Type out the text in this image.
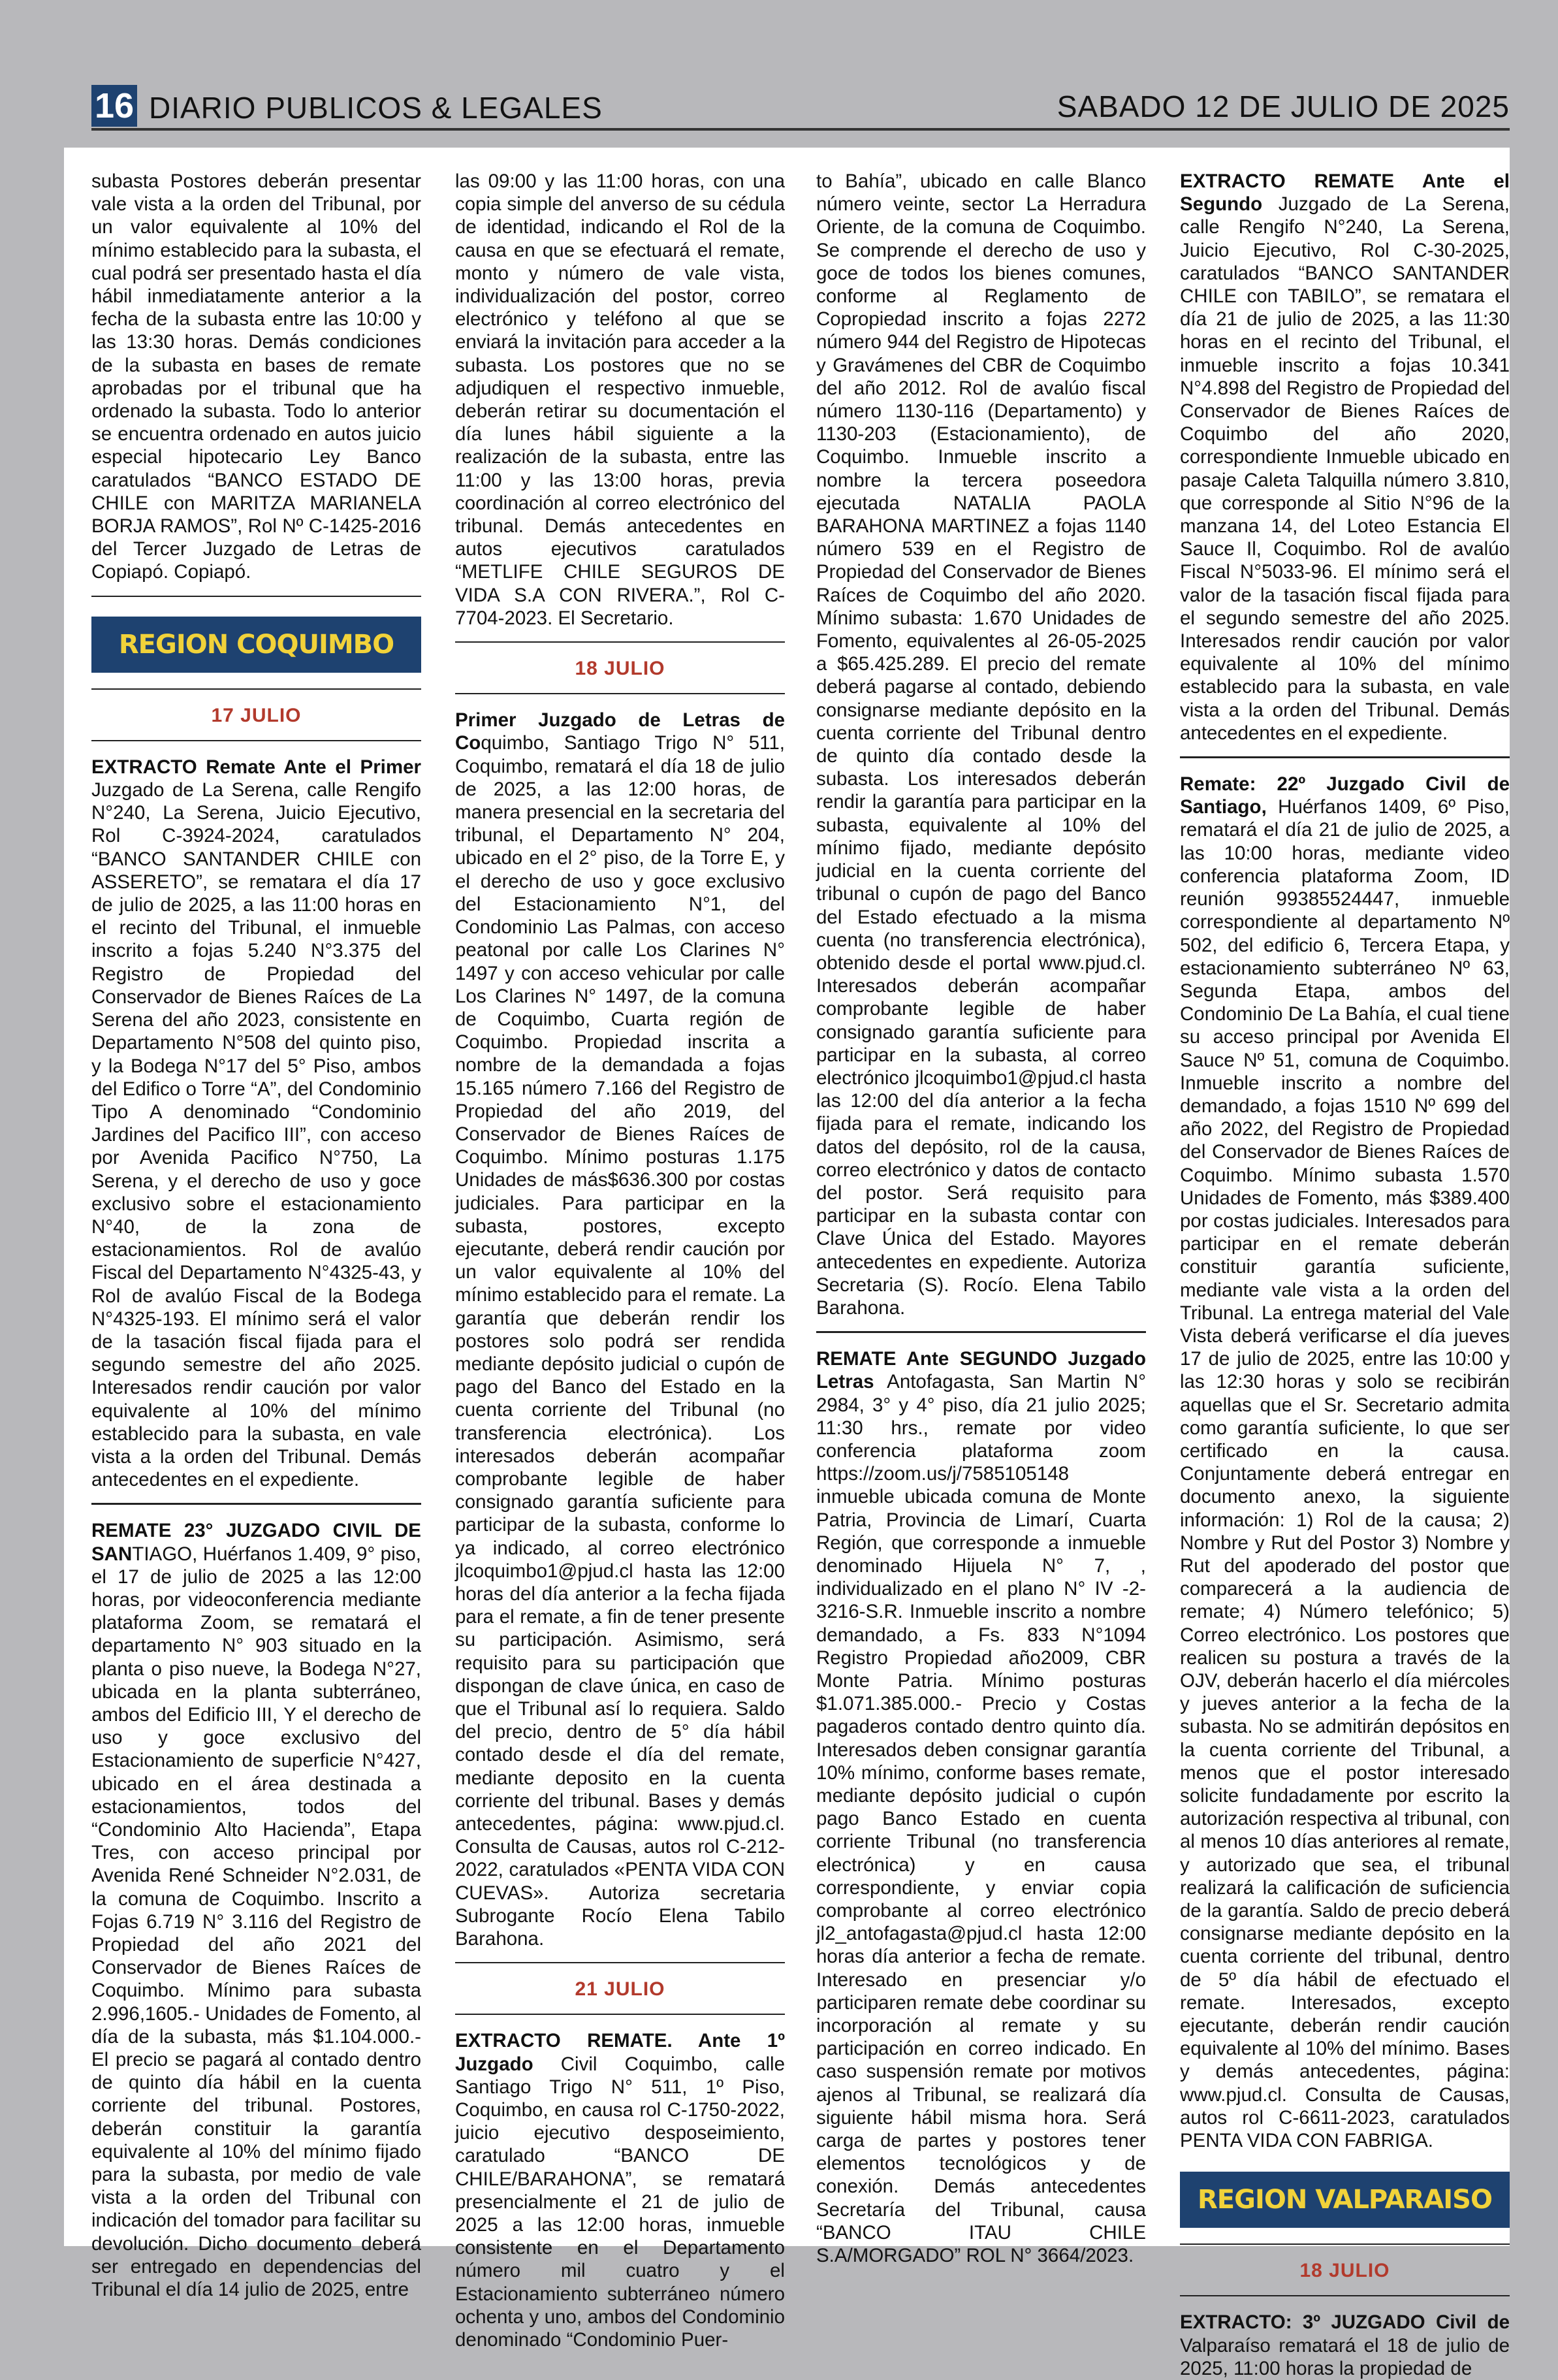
16 DIARIO PUBLICOS & LEGALES	SABADO 12 DE JULIO DE 2025

subasta Postores deberán presentar vale vista a la orden del Tribunal, por un valor equivalente al 10% del mínimo establecido para la subasta, el cual podrá ser presentado hasta el día hábil inmediatamente anterior a la fecha de la subasta entre las 10:00 y las 13:30 horas. Demás condiciones de la subasta en bases de remate aprobadas por el tribunal que ha ordenado la subasta. Todo lo anterior se encuentra ordenado en autos juicio especial hipotecario Ley Banco caratulados “BANCO ESTADO DE CHILE con MARITZA MARIANELA BORJA RAMOS”, Rol Nº C-1425-2016 del Tercer Juzgado de Letras de Copiapó. Copiapó.

REGION COQUIMBO
17 JULIO

EXTRACTO Remate Ante el Primer Juzgado de La Serena, calle Rengifo N°240, La Serena, Juicio Ejecutivo, Rol C-3924-2024, caratulados “BANCO SANTANDER CHILE con ASSERETO”, se rematara el día 17 de julio de 2025, a las 11:00 horas en el recinto del Tribunal, el inmueble inscrito a fojas 5.240 N°3.375 del Registro de Propiedad del Conservador de Bienes Raíces de La Serena del año 2023, consistente en Departamento N°508 del quinto piso, y la Bodega N°17 del 5° Piso, ambos del Edifico o Torre “A”, del Condominio Tipo A denominado “Condominio Jardines del Pacifico III”, con acceso por Avenida Pacifico N°750, La Serena, y el derecho de uso y goce exclusivo sobre el estacionamiento N°40, de la zona de estacionamientos. Rol de avalúo Fiscal del Departamento N°4325-43, y Rol de avalúo Fiscal de la Bodega N°4325-193. El mínimo será el valor de la tasación fiscal fijada para el segundo semestre del año 2025. Interesados rendir caución por valor equivalente al 10% del mínimo establecido para la subasta, en vale vista a la orden del Tribunal. Demás antecedentes en el expediente.

REMATE 23° JUZGADO CIVIL DE SANTIAGO, Huérfanos 1.409, 9° piso, el 17 de julio de 2025 a las 12:00 horas, por videoconferencia mediante plataforma Zoom, se rematará el departamento N° 903 situado en la planta o piso nueve, la Bodega N°27, ubicada en la planta subterráneo, ambos del Edificio III, Y el derecho de uso y goce exclusivo del Estacionamiento de superficie N°427, ubicado en el área destinada a estacionamientos, todos del “Condominio Alto Hacienda”, Etapa Tres, con acceso principal por Avenida René Schneider N°2.031, de la comuna de Coquimbo. Inscrito a Fojas 6.719 N° 3.116 del Registro de Propiedad del año 2021 del Conservador de Bienes Raíces de Coquimbo. Mínimo para subasta 2.996,1605.- Unidades de Fomento, al día de la subasta, más $1.104.000.- El precio se pagará al contado dentro de quinto día hábil en la cuenta corriente del tribunal. Postores, deberán constituir la garantía equivalente al 10% del mínimo fijado para la subasta, por medio de vale vista a la orden del Tribunal con indicación del tomador para facilitar su devolución. Dicho documento deberá ser entregado en dependencias del Tribunal el día 14 julio de 2025, entre

las 09:00 y las 11:00 horas, con una copia simple del anverso de su cédula de identidad, indicando el Rol de la causa en que se efectuará el remate, monto y número de vale vista, individualización del postor, correo electrónico y teléfono al que se enviará la invitación para acceder a la subasta. Los postores que no se adjudiquen el respectivo inmueble, deberán retirar su documentación el día lunes hábil siguiente a la realización de la subasta, entre las 11:00 y las 13:00 horas, previa coordinación al correo electrónico del tribunal. Demás antecedentes en autos ejecutivos caratulados “METLIFE CHILE SEGUROS DE VIDA S.A CON RIVERA.”, Rol C-7704-2023. El Secretario.

18 JULIO

Primer Juzgado de Letras de Coquimbo, Santiago Trigo N° 511, Coquimbo, rematará el día 18 de julio de 2025, a las 12:00 horas, de manera presencial en la secretaria del tribunal, el Departamento N° 204, ubicado en el 2° piso, de la Torre E, y el derecho de uso y goce exclusivo del Estacionamiento N°1, del Condominio Las Palmas, con acceso peatonal por calle Los Clarines N° 1497 y con acceso vehicular por calle Los Clarines N° 1497, de la comuna de Coquimbo, Cuarta región de Coquimbo. Propiedad inscrita a nombre de la demandada a fojas 15.165 número 7.166 del Registro de Propiedad del año 2019, del Conservador de Bienes Raíces de Coquimbo. Mínimo posturas 1.175 Unidades de más$636.300 por costas judiciales. Para participar en la subasta, postores, excepto ejecutante, deberá rendir caución por un valor equivalente al 10% del mínimo establecido para el remate. La garantía que deberán rendir los postores solo podrá ser rendida mediante depósito judicial o cupón de pago del Banco del Estado en la cuenta corriente del Tribunal (no transferencia electrónica). Los interesados deberán acompañar comprobante legible de haber consignado garantía suficiente para participar de la subasta, conforme lo ya indicado, al correo electrónico jlcoquimbo1@pjud.cl hasta las 12:00 horas del día anterior a la fecha fijada para el remate, a fin de tener presente su participación. Asimismo, será requisito para su participación que dispongan de clave única, en caso de que el Tribunal así lo requiera. Saldo del precio, dentro de 5° día hábil contado desde el día del remate, mediante deposito en la cuenta corriente del tribunal. Bases y demás antecedentes, página: www.pjud.cl. Consulta de Causas, autos rol C-212-2022, caratulados «PENTA VIDA CON CUEVAS». Autoriza secretaria Subrogante Rocío Elena Tabilo Barahona.

21 JULIO

EXTRACTO REMATE. Ante 1º Juzgado Civil Coquimbo, calle Santiago Trigo N° 511, 1º Piso, Coquimbo, en causa rol C-1750-2022, juicio ejecutivo desposeimiento, caratulado “BANCO DE CHILE/BARAHONA”, se rematará presencialmente el 21 de julio de 2025 a las 12:00 horas, inmueble consistente en el Departamento número mil cuatro y el Estacionamiento subterráneo número ochenta y uno, ambos del Condominio denominado “Condominio Puer-

to Bahía”, ubicado en calle Blanco número veinte, sector La Herradura Oriente, de la comuna de Coquimbo. Se comprende el derecho de uso y goce de todos los bienes comunes, conforme al Reglamento de Copropiedad inscrito a fojas 2272 número 944 del Registro de Hipotecas y Gravámenes del CBR de Coquimbo del año 2012. Rol de avalúo fiscal número 1130-116 (Departamento) y 1130-203 (Estacionamiento), de Coquimbo. Inmueble inscrito a nombre la tercera poseedora ejecutada NATALIA PAOLA BARAHONA MARTINEZ a fojas 1140 número 539 en el Registro de Propiedad del Conservador de Bienes Raíces de Coquimbo del año 2020. Mínimo subasta: 1.670 Unidades de Fomento, equivalentes al 26-05-2025 a $65.425.289. El precio del remate deberá pagarse al contado, debiendo consignarse mediante depósito en la cuenta corriente del Tribunal dentro de quinto día contado desde la subasta. Los interesados deberán rendir la garantía para participar en la subasta, equivalente al 10% del mínimo fijado, mediante depósito judicial en la cuenta corriente del tribunal o cupón de pago del Banco del Estado efectuado a la misma cuenta (no transferencia electrónica), obtenido desde el portal www.pjud.cl. Interesados deberán acompañar comprobante legible de haber consignado garantía suficiente para participar en la subasta, al correo electrónico jlcoquimbo1@pjud.cl hasta las 12:00 del día anterior a la fecha fijada para el remate, indicando los datos del depósito, rol de la causa, correo electrónico y datos de contacto del postor. Será requisito para participar en la subasta contar con Clave Única del Estado. Mayores antecedentes en expediente. Autoriza Secretaria (S). Rocío. Elena Tabilo Barahona.

REMATE Ante SEGUNDO Juzgado Letras Antofagasta, San Martin N° 2984, 3° y 4° piso, día 21 julio 2025; 11:30 hrs., remate por video conferencia plataforma zoom https://zoom.us/j/7585105148 inmueble ubicada comuna de Monte Patria, Provincia de Limarí, Cuarta Región, que corresponde a inmueble denominado Hijuela N° 7, , individualizado en el plano N° IV -2-3216-S.R. Inmueble inscrito a nombre demandado, a Fs. 833 N°1094 Registro Propiedad año2009, CBR Monte Patria. Mínimo posturas $1.071.385.000.- Precio y Costas pagaderos contado dentro quinto día. Interesados deben consignar garantía 10% mínimo, conforme bases remate, mediante depósito judicial o cupón pago Banco Estado en cuenta corriente Tribunal (no transferencia electrónica) y en causa correspondiente, y enviar copia comprobante al correo electrónico jl2_antofagasta@pjud.cl hasta 12:00 horas día anterior a fecha de remate. Interesado en presenciar y/o participaren remate debe coordinar su incorporación al remate y su participación en correo indicado. En caso suspensión remate por motivos ajenos al Tribunal, se realizará día siguiente hábil misma hora. Será carga de partes y postores tener elementos tecnológicos y de conexión. Demás antecedentes Secretaría del Tribunal, causa “BANCO ITAU CHILE S.A/MORGADO” ROL N° 3664/2023.

EXTRACTO REMATE Ante el Segundo Juzgado de La Serena, calle Rengifo N°240, La Serena, Juicio Ejecutivo, Rol C-30-2025, caratulados “BANCO SANTANDER CHILE con TABILO”, se rematara el día 21 de julio de 2025, a las 11:30 horas en el recinto del Tribunal, el inmueble inscrito a fojas 10.341 N°4.898 del Registro de Propiedad del Conservador de Bienes Raíces de Coquimbo del año 2020, correspondiente Inmueble ubicado en pasaje Caleta Talquilla número 3.810, que corresponde al Sitio N°96 de la manzana 14, del Loteo Estancia El Sauce Il, Coquimbo. Rol de avalúo Fiscal N°5033-96. El mínimo será el valor de la tasación fiscal fijada para el segundo semestre del año 2025. Interesados rendir caución por valor equivalente al 10% del mínimo establecido para la subasta, en vale vista a la orden del Tribunal. Demás antecedentes en el expediente.

Remate: 22º Juzgado Civil de Santiago, Huérfanos 1409, 6º Piso, rematará el día 21 de julio de 2025, a las 10:00 horas, mediante video conferencia plataforma Zoom, ID reunión 99385524447, inmueble correspondiente al departamento Nº 502, del edificio 6, Tercera Etapa, y estacionamiento subterráneo Nº 63, Segunda Etapa, ambos del Condominio De La Bahía, el cual tiene su acceso principal por Avenida El Sauce Nº 51, comuna de Coquimbo. Inmueble inscrito a nombre del demandado, a fojas 1510 Nº 699 del año 2022, del Registro de Propiedad del Conservador de Bienes Raíces de Coquimbo. Mínimo subasta 1.570 Unidades de Fomento, más $389.400 por costas judiciales. Interesados para participar en el remate deberán constituir garantía suficiente, mediante vale vista a la orden del Tribunal. La entrega material del Vale Vista deberá verificarse el día jueves 17 de julio de 2025, entre las 10:00 y las 12:30 horas y solo se recibirán aquellas que el Sr. Secretario admita como garantía suficiente, lo que ser certificado en la causa. Conjuntamente deberá entregar en documento anexo, la siguiente información: 1) Rol de la causa; 2) Nombre y Rut del Postor 3) Nombre y Rut del apoderado del postor que comparecerá a la audiencia de remate; 4) Número telefónico; 5) Correo electrónico. Los postores que realicen su postura a través de la OJV, deberán hacerlo el día miércoles y jueves anterior a la fecha de la subasta. No se admitirán depósitos en la cuenta corriente del Tribunal, a menos que el postor interesado solicite fundadamente por escrito la autorización respectiva al tribunal, con al menos 10 días anteriores al remate, y autorizado que sea, el tribunal realizará la calificación de suficiencia de la garantía. Saldo de precio deberá consignarse mediante depósito en la cuenta corriente del tribunal, dentro de 5º día hábil de efectuado el remate. Interesados, excepto ejecutante, deberán rendir caución equivalente al 10% del mínimo. Bases y demás antecedentes, página: www.pjud.cl. Consulta de Causas, autos rol C-6611-2023, caratulados PENTA VIDA CON FABRIGA.

REGION VALPARAISO
18 JULIO

EXTRACTO: 3º JUZGADO Civil de Valparaíso rematará el 18 de julio de 2025, 11:00 horas la propiedad de
